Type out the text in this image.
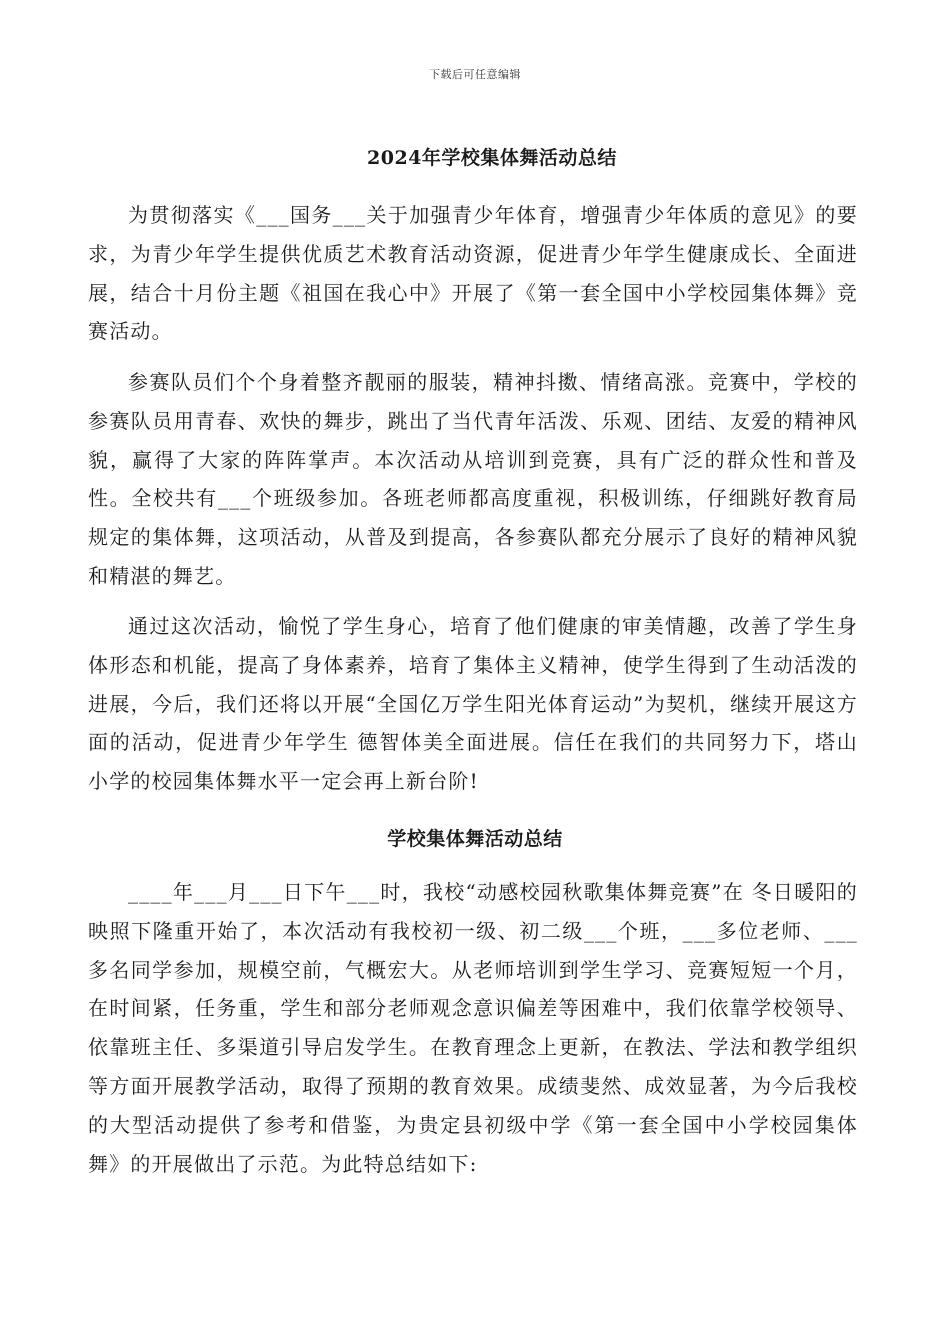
下载后可任意编辑
2024年学校集体舞活动总结

为贯彻落实《___国务___关于加强青少年体育，增强青少年体质的意见》的要求，为青少年学生提供优质艺术教育活动资源，促进青少年学生健康成长、全面进展，结合十月份主题《祖国在我心中》开展了《第一套全国中小学校园集体舞》竞赛活动。

参赛队员们个个身着整齐靓丽的服装，精神抖擞、情绪高涨。竞赛中，学校的参赛队员用青春、欢快的舞步，跳出了当代青年活泼、乐观、团结、友爱的精神风貌，赢得了大家的阵阵掌声。本次活动从培训到竞赛，具有广泛的群众性和普及性。全校共有___个班级参加。各班老师都高度重视，积极训练，仔细跳好教育局规定的集体舞，这项活动，从普及到提高，各参赛队都充分展示了良好的精神风貌和精湛的舞艺。

通过这次活动，愉悦了学生身心，培育了他们健康的审美情趣，改善了学生身体形态和机能，提高了身体素养，培育了集体主义精神，使学生得到了生动活泼的进展，今后，我们还将以开展“全国亿万学生阳光体育运动”为契机，继续开展这方面的活动，促进青少年学生 德智体美全面进展。信任在我们的共同努力下，塔山小学的校园集体舞水平一定会再上新台阶!

学校集体舞活动总结

____年___月___日下午___时，我校“动感校园秋歌集体舞竞赛”在 冬日暖阳的映照下隆重开始了，本次活动有我校初一级、初二级___个班，___多位老师、___多名同学参加，规模空前，气概宏大。从老师培训到学生学习、竞赛短短一个月，在时间紧，任务重，学生和部分老师观念意识偏差等困难中，我们依靠学校领导、依靠班主任、多渠道引导启发学生。在教育理念上更新，在教法、学法和教学组织等方面开展教学活动，取得了预期的教育效果。成绩斐然、成效显著，为今后我校的大型活动提供了参考和借鉴，为贵定县初级中学《第一套全国中小学校园集体舞》的开展做出了示范。为此特总结如下:
